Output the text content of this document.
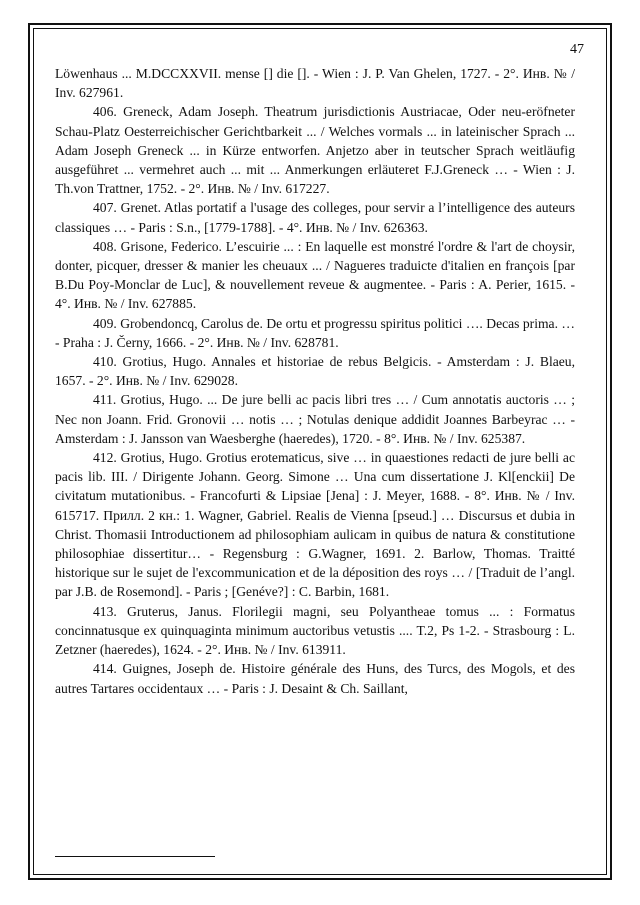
47

Löwenhaus ... M.DCCXXVII. mense [] die []. - Wien : J. P. Van Ghelen, 1727. - 2°. Инв. № / Inv. 627961.

406. Greneck, Adam Joseph. Theatrum jurisdictionis Austriacae, Oder neu-eröfneter Schau-Platz Oesterreichischer Gerichtbarkeit ... / Welches vormals ... in lateinischer Sprach ... Adam Joseph Greneck ... in Kürze entworfen. Anjetzo aber in teutscher Sprach weitläufig ausgeführet ... vermehret auch ... mit ... Anmerkungen erläuteret F.J.Greneck … - Wien : J. Th.von Trattner, 1752. - 2°. Инв. № / Inv. 617227.

407. Grenet. Atlas portatif a l'usage des colleges, pour servir a l’intelligence des auteurs classiques … - Paris : S.n., [1779-1788]. - 4°. Инв. № / Inv. 626363.

408. Grisone, Federico. L’escuirie ... : En laquelle est monstré l'ordre & l'art de choysir, donter, picquer, dresser & manier les cheuaux ... / Nagueres traduicte d'italien en françois [par B.Du Poy-Monclar de Luc], & nouvellement reveue & augmentee. - Paris : A. Perier, 1615. - 4°. Инв. № / Inv. 627885.

409. Grobendoncq, Carolus de. De ortu et progressu spiritus politici …. Decas prima. … - Praha : J. Černy, 1666. - 2°. Инв. № / Inv. 628781.

410. Grotius, Hugo. Annales et historiae de rebus Belgicis. - Amsterdam : J. Blaeu, 1657. - 2°. Инв. № / Inv. 629028.

411. Grotius, Hugo. ... De jure belli ac pacis libri tres … / Cum annotatis auctoris … ; Nec non Joann. Frid. Gronovii … notis … ; Notulas denique addidit Joannes Barbeyrac … - Amsterdam : J. Jansson van Waesberghe (haeredes), 1720. - 8°. Инв. № / Inv. 625387.

412. Grotius, Hugo. Grotius erotematicus, sive … in quaestiones redacti de jure belli ac pacis lib. III. / Dirigente Johann. Georg. Simone … Una cum dissertatione J. Kl[enckii] De civitatum mutationibus. - Francofurti & Lipsiae [Jena] : J. Meyer, 1688. - 8°. Инв. № / Inv. 615717. Прилл. 2 кн.: 1. Wagner, Gabriel. Realis de Vienna [pseud.] … Discursus et dubia in Christ. Thomasii Introductionem ad philosophiam aulicam in quibus de natura & constitutione philosophiae dissertitur… - Regensburg : G.Wagner, 1691. 2. Barlow, Thomas. Traitté historique sur le sujet de l'excommunication et de la déposition des roys … / [Traduit de l’angl. par J.B. de Rosemond]. - Paris ; [Genéve?] : C. Barbin, 1681.

413. Gruterus, Janus. Florilegii magni, seu Polyantheae tomus ... : Formatus concinnatusque ex quinquaginta minimum auctoribus vetustis .... T.2, Ps 1-2. - Strasbourg : L. Zetzner (haeredes), 1624. - 2°. Инв. № / Inv. 613911.

414. Guignes, Joseph de. Histoire générale des Huns, des Turcs, des Mogols, et des autres Tartares occidentaux … - Paris : J. Desaint & Ch. Saillant,
